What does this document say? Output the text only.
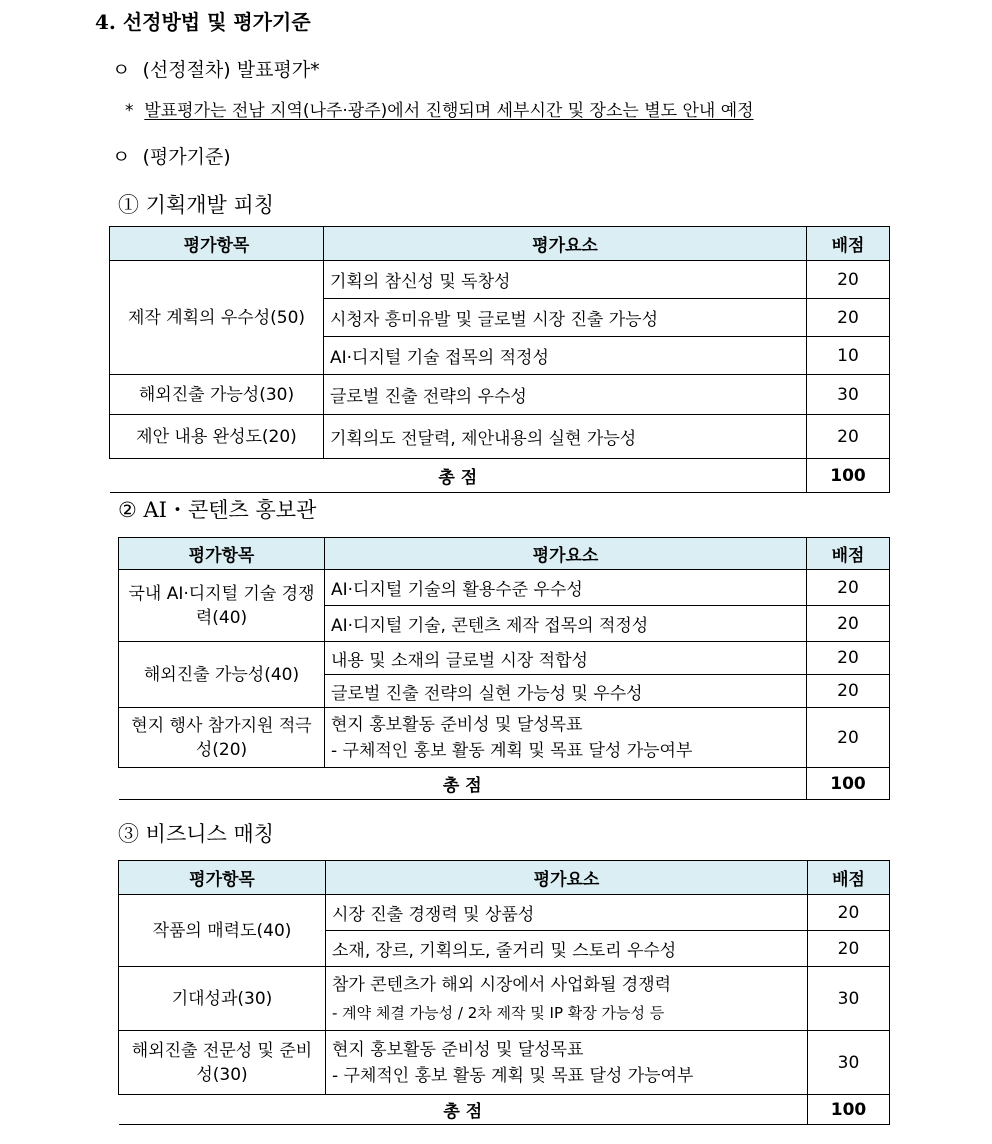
4. 선정방법 및 평가기준
ㅇ (선정절차) 발표평가*
* 발표평가는 전남 지역(나주·광주)에서 진행되며 세부시간 및 장소는 별도 안내 예정
ㅇ (평가기준)
① 기획개발 피칭
② AI・콘텐츠 홍보관
③ 비즈니스 매칭
평가항목	평가요소	배점
제작 계획의 우수성(50)	기획의 참신성 및 독창성	20
	시청자 흥미유발 및 글로벌 시장 진출 가능성	20
	AI·디지털 기술 접목의 적정성	10
해외진출 가능성(30)	글로벌 진출 전략의 우수성	30
제안 내용 완성도(20)	기획의도 전달력, 제안내용의 실현 가능성	20
총 점		100
평가항목	평가요소	배점
국내 AI·디지털 기술 경쟁력(40)	AI·디지털 기술의 활용수준 우수성	20
	AI·디지털 기술, 콘텐츠 제작 접목의 적정성	20
해외진출 가능성(40)	내용 및 소재의 글로벌 시장 적합성	20
	글로벌 진출 전략의 실현 가능성 및 우수성	20
현지 행사 참가지원 적극성(20)	현지 홍보활동 준비성 및 달성목표
- 구체적인 홍보 활동 계획 및 목표 달성 가능여부	20
총 점		100
평가항목	평가요소	배점
작품의 매력도(40)	시장 진출 경쟁력 및 상품성	20
	소재, 장르, 기획의도, 줄거리 및 스토리 우수성	20
기대성과(30)	참가 콘텐츠가 해외 시장에서 사업화될 경쟁력
- 계약 체결 가능성 / 2차 제작 및 IP 확장 가능성 등	30
해외진출 전문성 및 준비성(30)	현지 홍보활동 준비성 및 달성목표
- 구체적인 홍보 활동 계획 및 목표 달성 가능여부	30
총 점		100
